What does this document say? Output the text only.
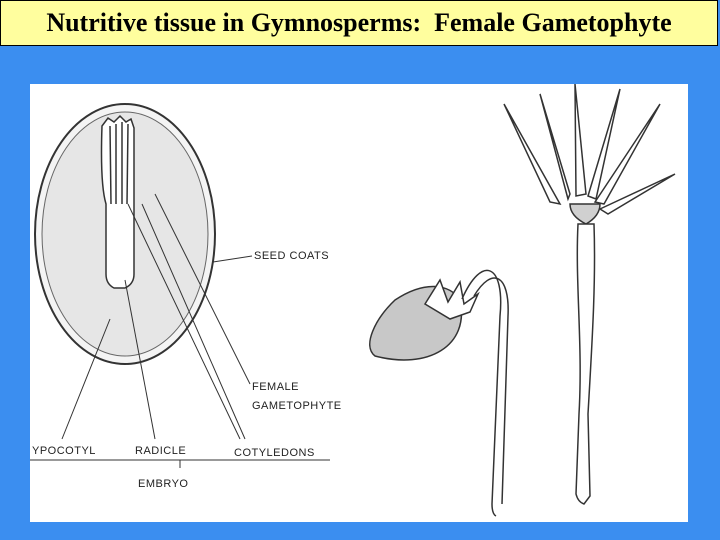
Nutritive tissue in Gymnosperms:  Female Gametophyte
SEED COATS
FEMALE
GAMETOPHYTE
YPOCOTYL	RADICLE	COTYLEDONS
EMBRYO
